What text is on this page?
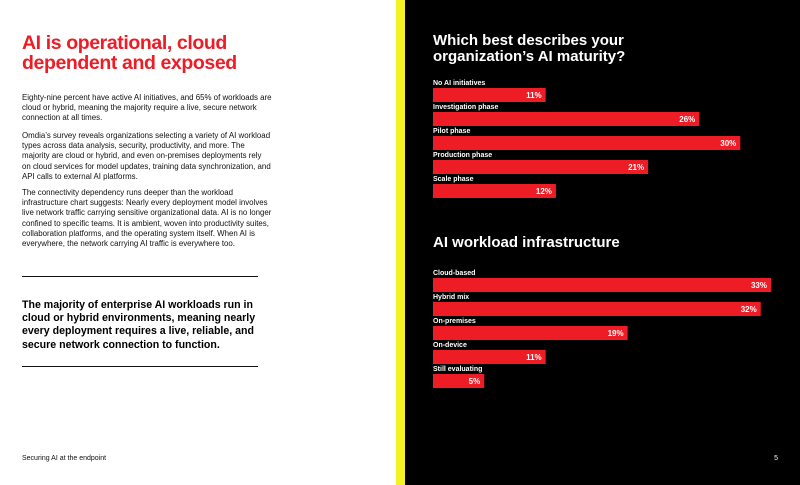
AI is operational, cloud dependent and exposed

Eighty-nine percent have active AI initiatives, and 65% of workloads are cloud or hybrid, meaning the majority require a live, secure network connection at all times.

Omdia’s survey reveals organizations selecting a variety of AI workload types across data analysis, security, productivity, and more. The majority are cloud or hybrid, and even on-premises deployments rely on cloud services for model updates, training data synchronization, and API calls to external AI platforms.

The connectivity dependency runs deeper than the workload infrastructure chart suggests: Nearly every deployment model involves live network traffic carrying sensitive organizational data. AI is no longer confined to specific teams. It is ambient, woven into productivity suites, collaboration platforms, and the operating system itself. When AI is everywhere, the network carrying AI traffic is everywhere too.

The majority of enterprise AI workloads run in cloud or hybrid environments, meaning nearly every deployment requires a live, reliable, and secure network connection to function.

Securing AI at the endpoint
Which best describes your organization’s AI maturity?
No AI initiatives
11%
Investigation phase
26%
Pilot phase
30%
Production phase
21%
Scale phase
12%
AI workload infrastructure
Cloud-based
33%
Hybrid mix
32%
On-premises
19%
On-device
11%
Still evaluating
5%
5
